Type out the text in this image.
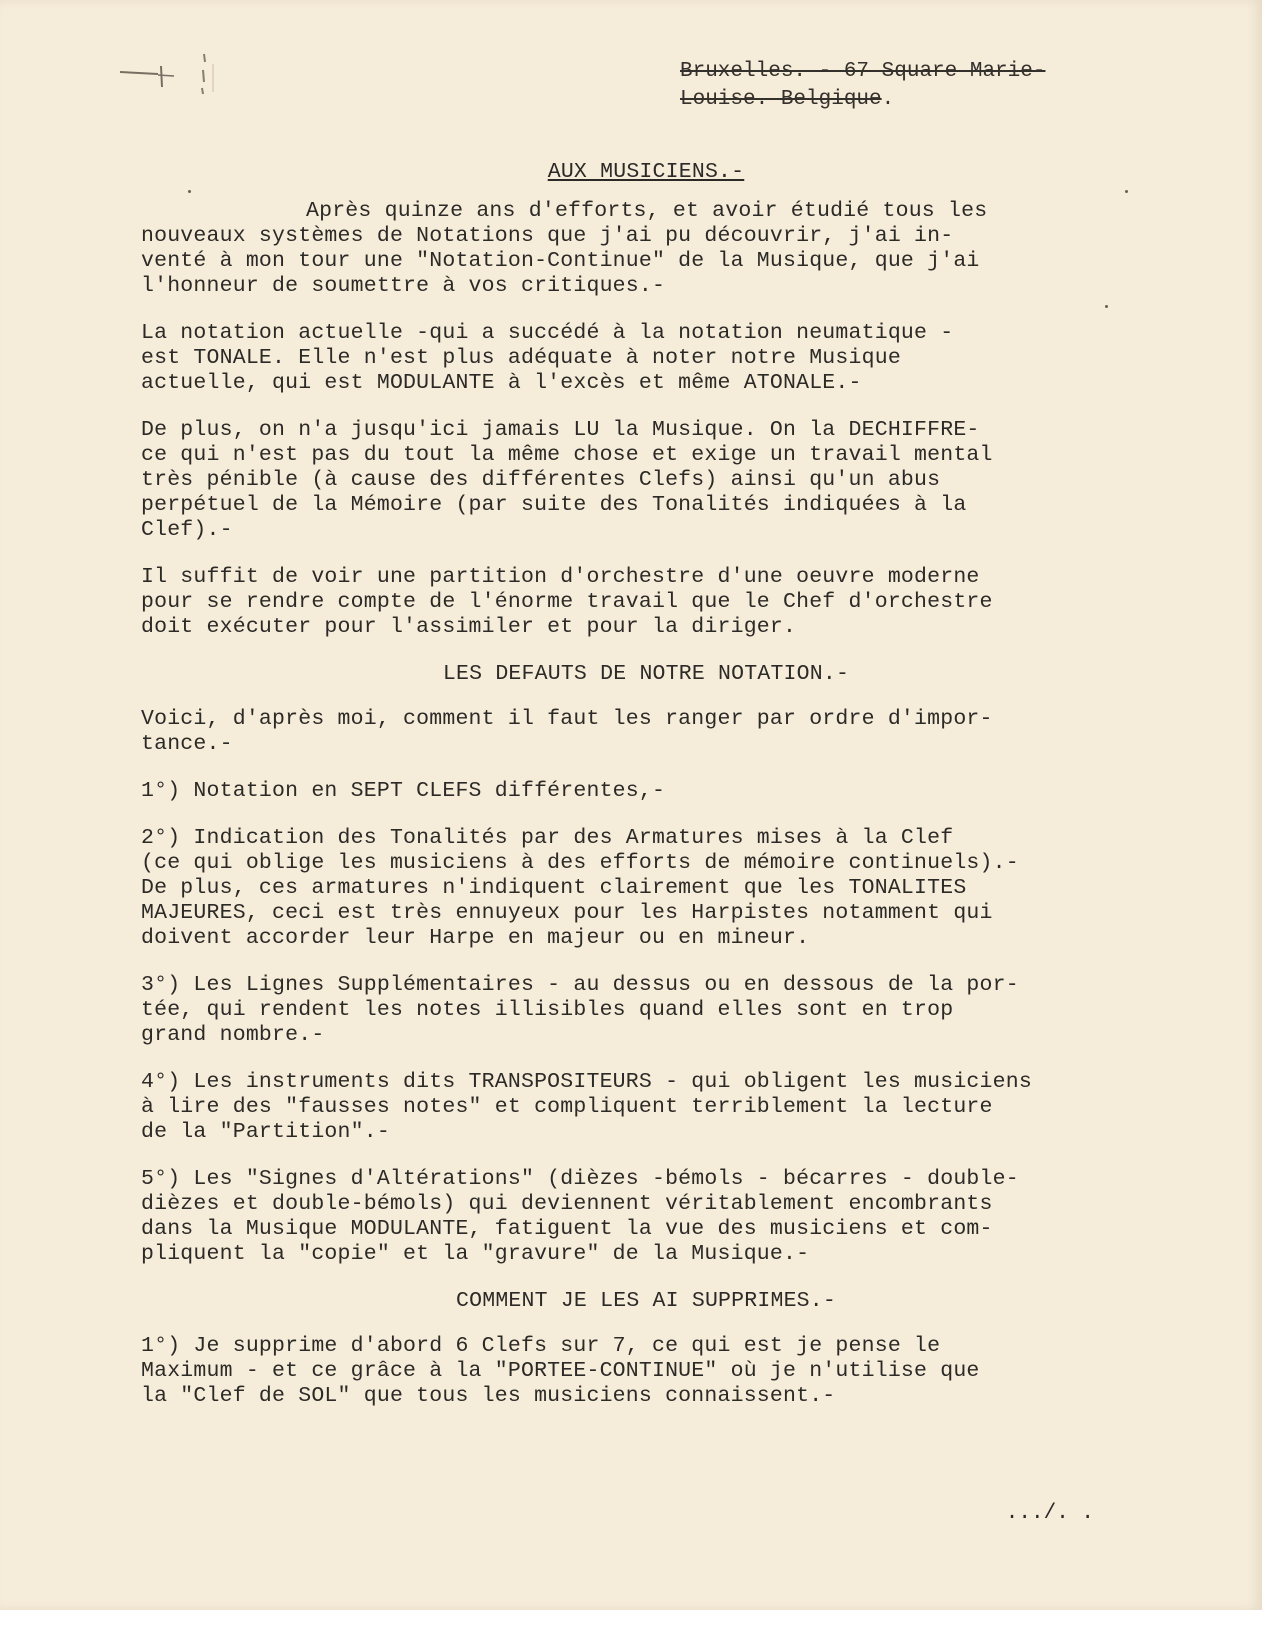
Bruxelles. - 67 Square Marie-
Louise. Belgique.
AUX MUSICIENS.-

Après quinze ans d'efforts, et avoir étudié tous les
nouveaux systèmes de Notations que j'ai pu découvrir, j'ai in-
venté à mon tour une "Notation-Continue" de la Musique, que j'ai
l'honneur de soumettre à vos critiques.-

La notation actuelle -qui a succédé à la notation neumatique -
est TONALE. Elle n'est plus adéquate à noter notre Musique
actuelle, qui est MODULANTE à l'excès et même ATONALE.-

De plus, on n'a jusqu'ici jamais LU la Musique. On la DECHIFFRE-
ce qui n'est pas du tout la même chose et exige un travail mental
très pénible (à cause des différentes Clefs) ainsi qu'un abus
perpétuel de la Mémoire (par suite des Tonalités indiquées à la
Clef).-

Il suffit de voir une partition d'orchestre d'une oeuvre moderne
pour se rendre compte de l'énorme travail que le Chef d'orchestre
doit exécuter pour l'assimiler et pour la diriger.

LES DEFAUTS DE NOTRE NOTATION.-

Voici, d'après moi, comment il faut les ranger par ordre d'impor-
tance.-

1°) Notation en SEPT CLEFS différentes,-

2°) Indication des Tonalités par des Armatures mises à la Clef
(ce qui oblige les musiciens à des efforts de mémoire continuels).-
De plus, ces armatures n'indiquent clairement que les TONALITES
MAJEURES, ceci est très ennuyeux pour les Harpistes notamment qui
doivent accorder leur Harpe en majeur ou en mineur.

3°) Les Lignes Supplémentaires - au dessus ou en dessous de la por-
tée, qui rendent les notes illisibles quand elles sont en trop
grand nombre.-

4°) Les instruments dits TRANSPOSITEURS - qui obligent les musiciens
à lire des "fausses notes" et compliquent terriblement la lecture
de la "Partition".-

5°) Les "Signes d'Altérations" (dièzes -bémols - bécarres - double-
dièzes et double-bémols) qui deviennent véritablement encombrants
dans la Musique MODULANTE, fatiguent la vue des musiciens et com-
pliquent la "copie" et la "gravure" de la Musique.-

COMMENT JE LES AI SUPPRIMES.-

1°) Je supprime d'abord 6 Clefs sur 7, ce qui est je pense le
Maximum - et ce grâce à la "PORTEE-CONTINUE" où je n'utilise que
la "Clef de SOL" que tous les musiciens connaissent.-

.../. .
